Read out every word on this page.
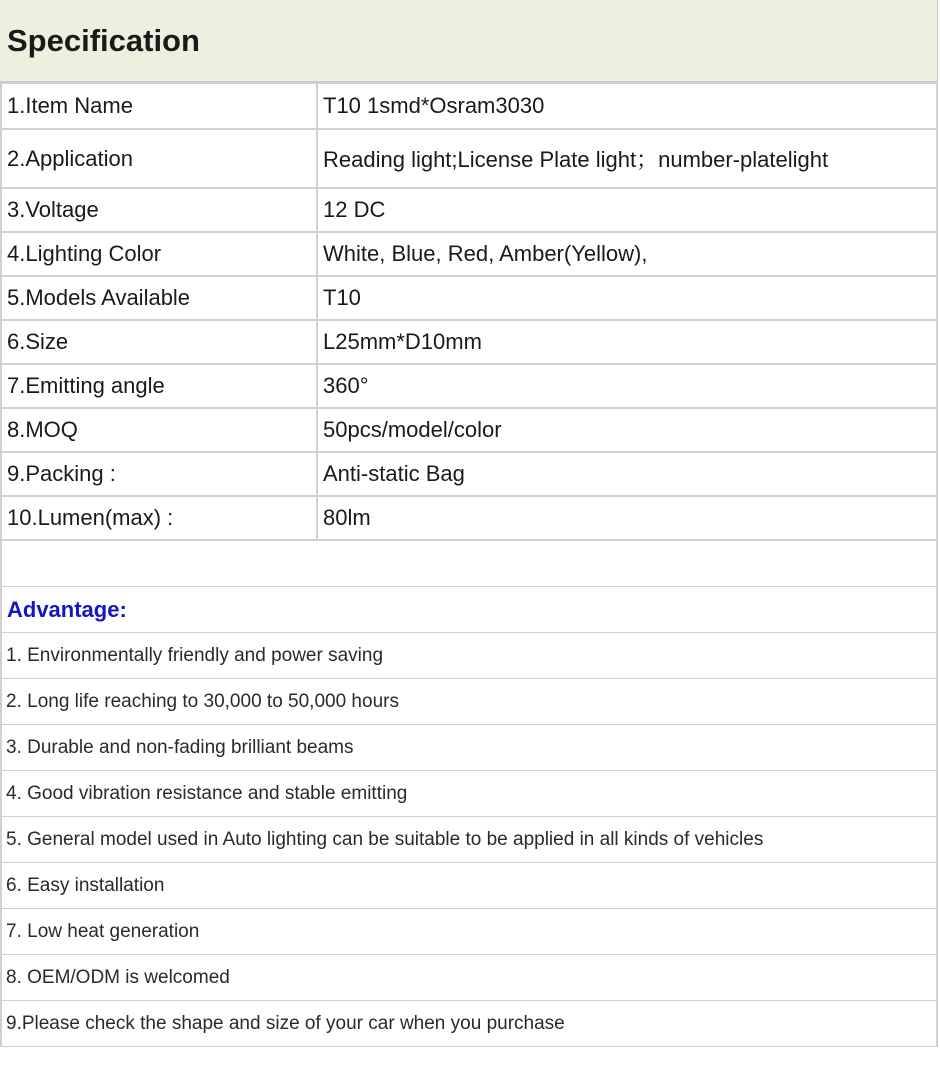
Specification
1.Item Name	T10 1smd*Osram3030
2.Application	Reading light;License Plate light；number-platelight
3.Voltage	12 DC
4.Lighting Color	White, Blue, Red, Amber(Yellow),
5.Models Available	T10
6.Size	L25mm*D10mm
7.Emitting angle	360°
8.MOQ	50pcs/model/color
9.Packing :	Anti-static Bag
10.Lumen(max) :	80lm
Advantage:
1. Environmentally friendly and power saving
2. Long life reaching to 30,000 to 50,000 hours
3. Durable and non-fading brilliant beams
4. Good vibration resistance and stable emitting
5. General model used in Auto lighting can be suitable to be applied in all kinds of vehicles
6. Easy installation
7. Low heat generation
8. OEM/ODM is welcomed
9.Please check the shape and size of your car when you purchase
